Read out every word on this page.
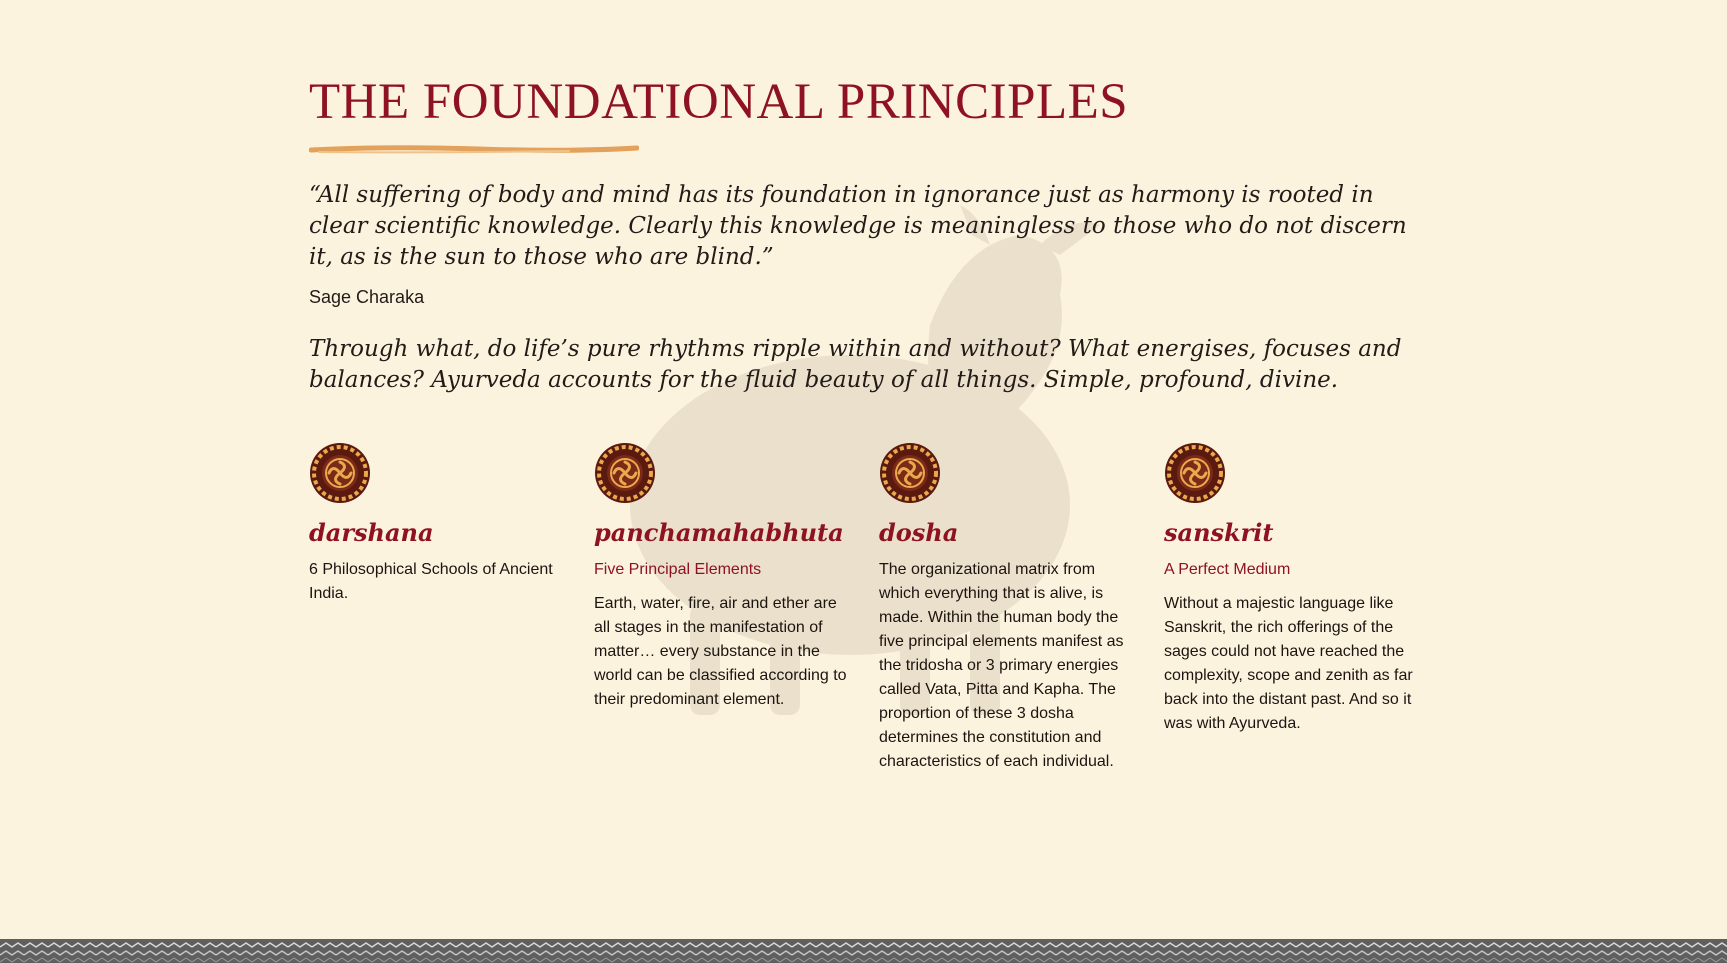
THE FOUNDATIONAL PRINCIPLES

“All suffering of body and mind has its foundation in ignorance just as harmony is rooted in clear scientific knowledge. Clearly this knowledge is meaningless to those who do not discern it, as is the sun to those who are blind.”

Sage Charaka

Through what, do life’s pure rhythms ripple within and without? What energises, focuses and balances? Ayurveda accounts for the fluid beauty of all things. Simple, profound, divine.

darshana
6 Philosophical Schools of Ancient India.
panchamahabhuta
Five Principal Elements
Earth, water, fire, air and ether are all stages in the manifestation of matter… every substance in the world can be classified according to their predominant element.
dosha
The organizational matrix from which everything that is alive, is made. Within the human body the five principal elements manifest as the tridosha or 3 primary energies called Vata, Pitta and Kapha. The proportion of these 3 dosha determines the constitution and characteristics of each individual.
sanskrit
A Perfect Medium
Without a majestic language like Sanskrit, the rich offerings of the sages could not have reached the complexity, scope and zenith as far back into the distant past. And so it was with Ayurveda.
